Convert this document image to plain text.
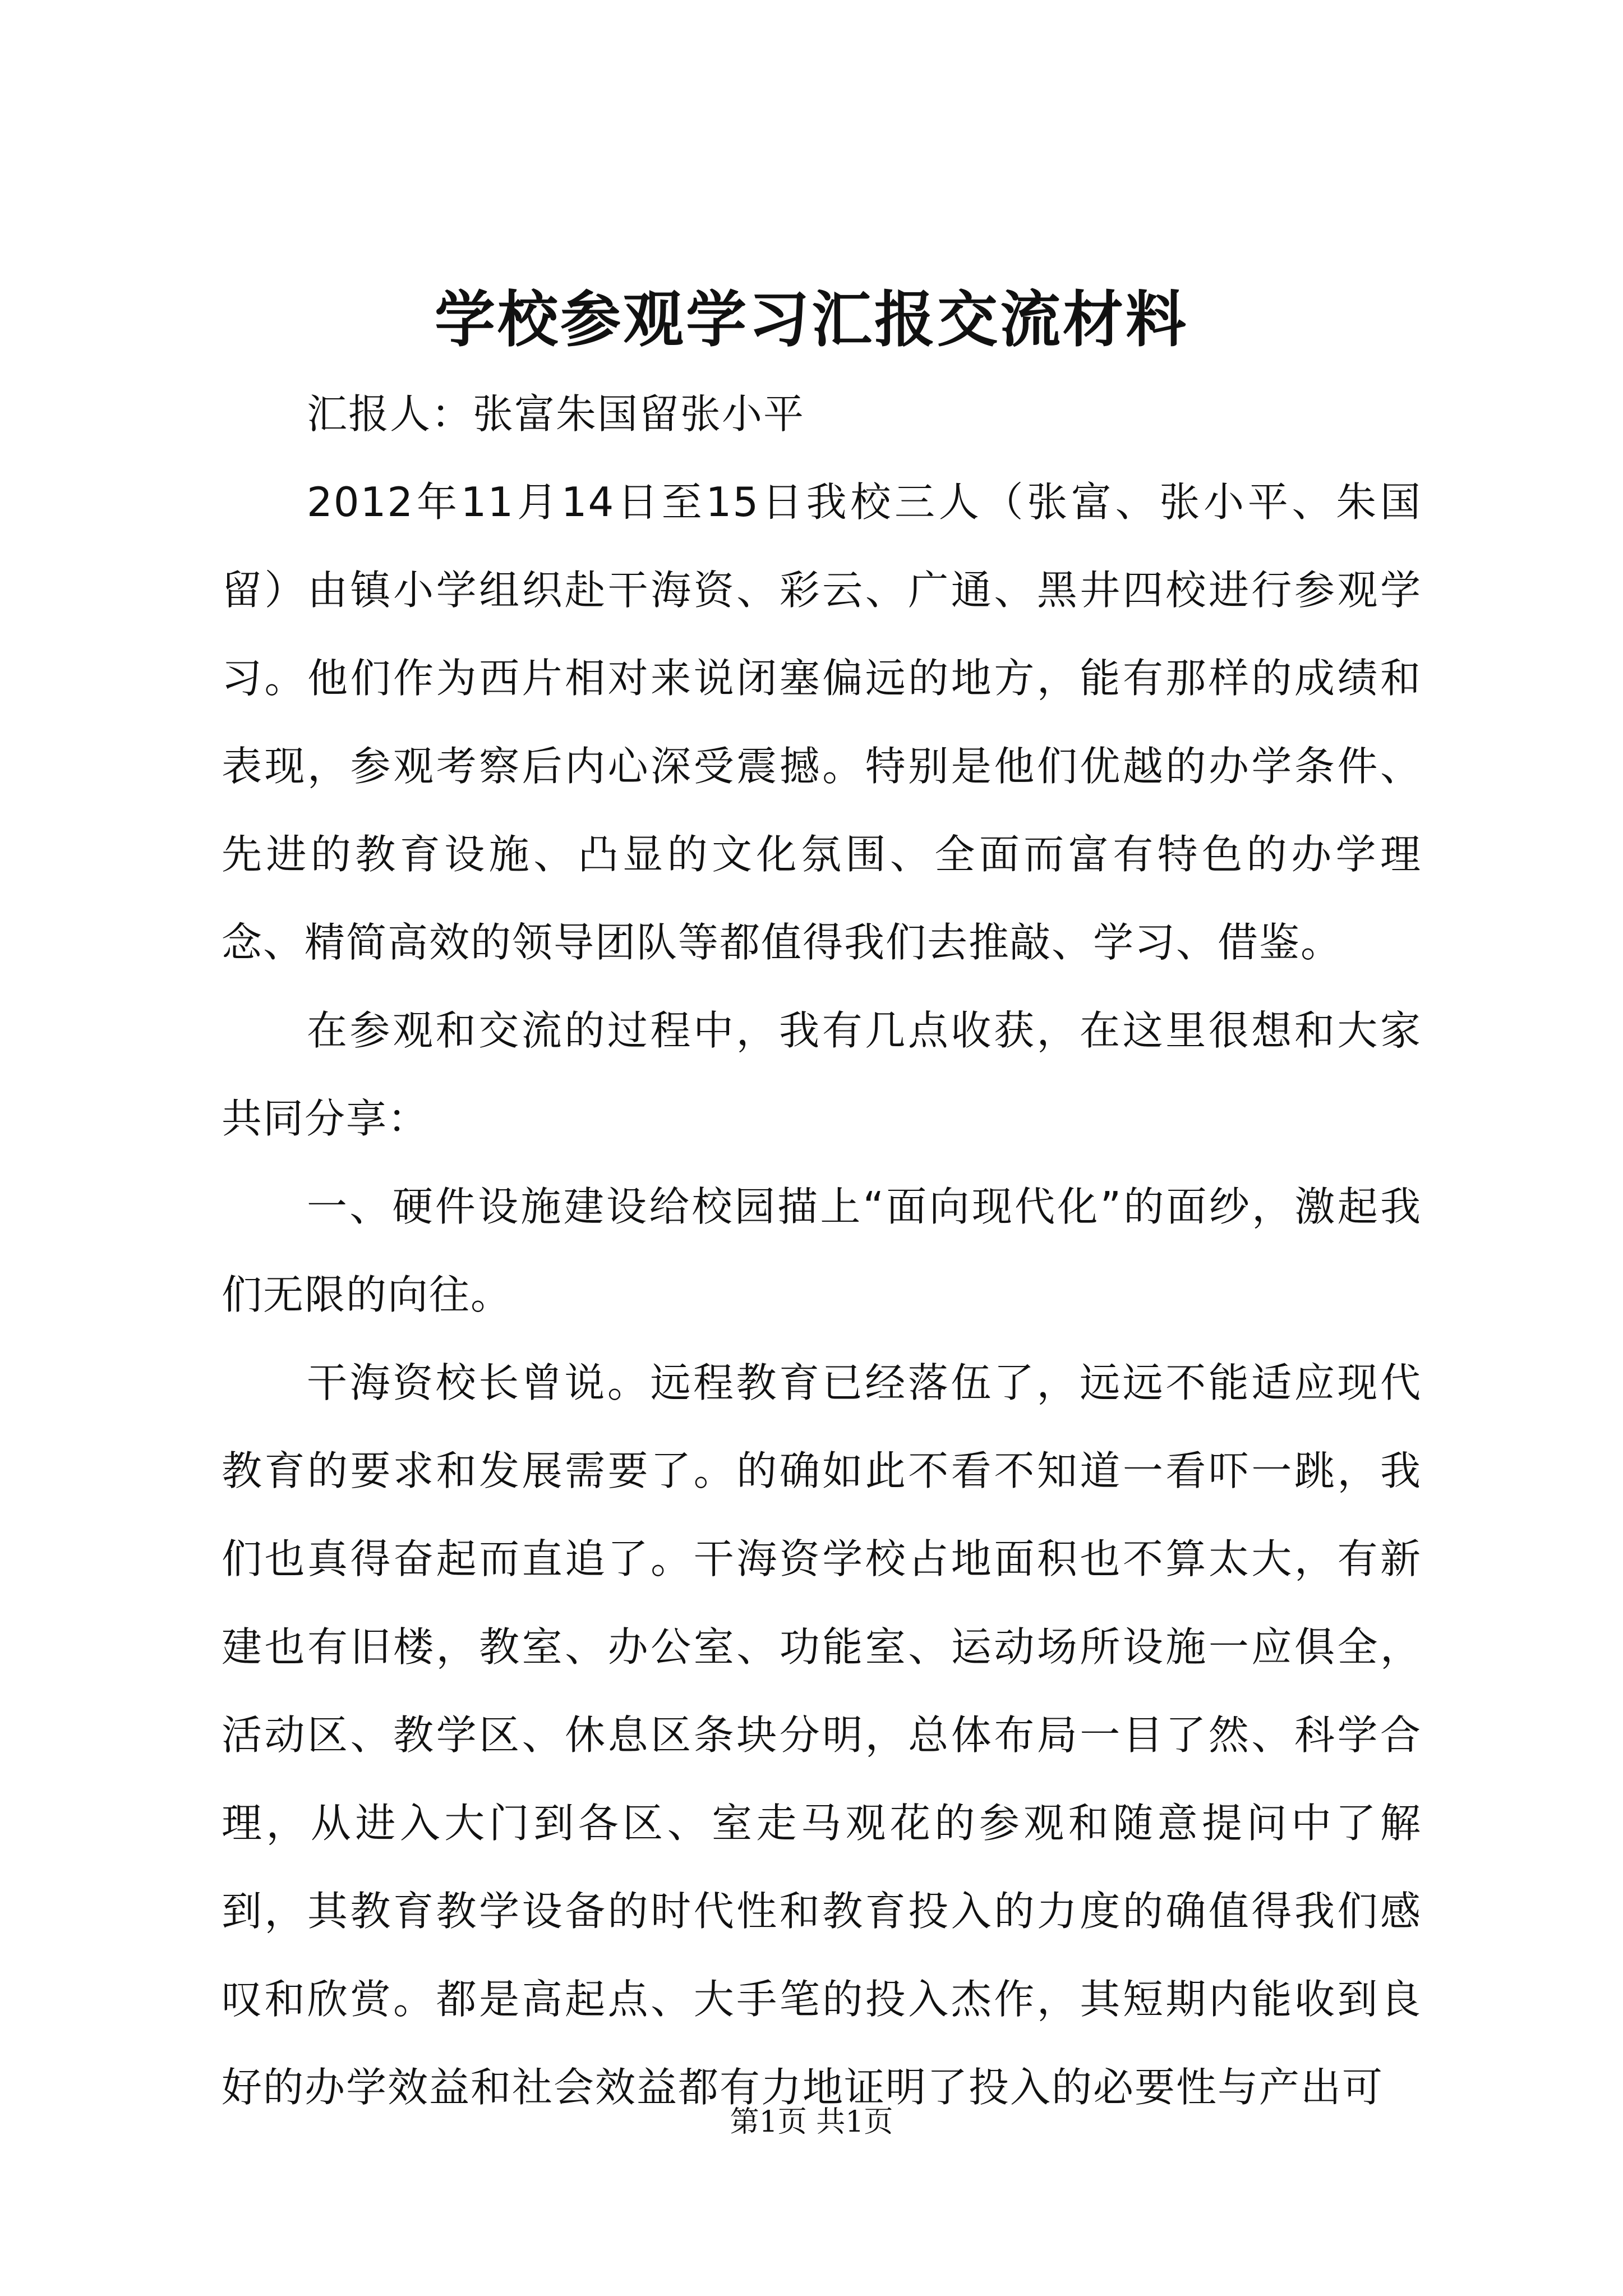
学校参观学习汇报交流材料

汇报人：张富朱国留张小平

2012年11月14日至15日我校三人（张富、张小平、朱国留）由镇小学组织赴干海资、彩云、广通、黑井四校进行参观学习。他们作为西片相对来说闭塞偏远的地方，能有那样的成绩和表现，参观考察后内心深受震撼。特别是他们优越的办学条件、先进的教育设施、凸显的文化氛围、全面而富有特色的办学理念、精简高效的领导团队等都值得我们去推敲、学习、借鉴。

在参观和交流的过程中，我有几点收获，在这里很想和大家共同分享：

一、硬件设施建设给校园描上“面向现代化”的面纱，激起我们无限的向往。

干海资校长曾说。远程教育已经落伍了，远远不能适应现代教育的要求和发展需要了。的确如此不看不知道一看吓一跳，我们也真得奋起而直追了。干海资学校占地面积也不算太大，有新建也有旧楼，教室、办公室、功能室、运动场所设施一应俱全，活动区、教学区、休息区条块分明，总体布局一目了然、科学合理，从进入大门到各区、室走马观花的参观和随意提问中了解到，其教育教学设备的时代性和教育投入的力度的确值得我们感叹和欣赏。都是高起点、大手笔的投入杰作，其短期内能收到良好的办学效益和社会效益都有力地证明了投入的必要性与产出可

第1页 共1页
